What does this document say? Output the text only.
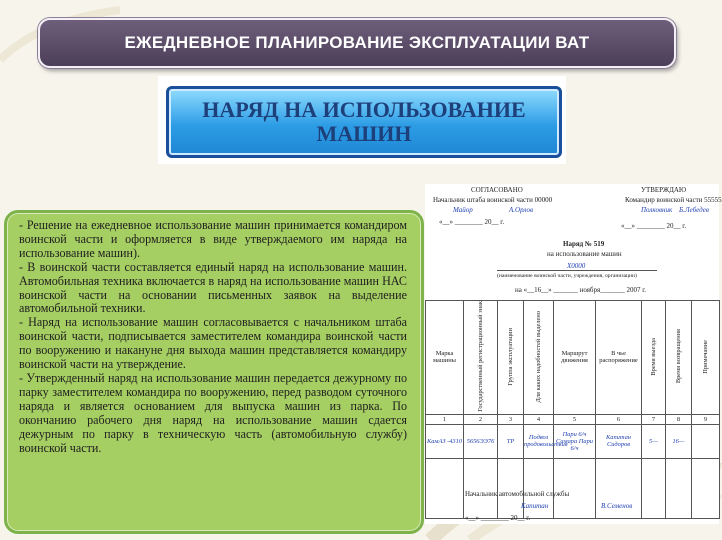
ЕЖЕДНЕВНОЕ ПЛАНИРОВАНИЕ ЭКСПЛУАТАЦИИ ВАТ
НАРЯД НА ИСПОЛЬЗОВАНИЕ
МАШИН

- Решение на ежедневное использование машин принимается командиром воинской части и оформляется в виде утверждаемого им наряда на использование машин).

- В воинской части составляется единый наряд на использование машин. Автомобильная техника включается в наряд на использование машин НАС воинской части на основании письменных заявок на выделение автомобильной техники.

- Наряд на использование машин согласовывается с начальником штаба воинской части, подписывается заместителем командира воинской части по вооружению и накануне дня выхода машин представляется командиру воинской части на утверждение.

- Утвержденный наряд на использование машин передается дежурному по парку заместителем командира по вооружению, перед разводом суточного наряда и является основанием для выпуска машин из парка. По окончанию рабочего дня наряд на использование машин сдается дежурным по парку в техническую часть (автомобильную службу) воинской части.

СОГЛАСОВАНО	УТВЕРЖДАЮ
Начальник штаба воинской части 00000	Командир воинской части 55555
Майор	А.Орлов	Полковник Б.Лебедев
«__» ________ 20__ г.	«__» ________ 20__ г.
Наряд № 519
на использование машин
Х0000
(наименование воинской части, учреждения, организации)
на «__16__» _______ ноября_______ 2007 г.
Марка машины	Государственный регистрационный знак	Группа эксплуатации	Для каких надобностей выделено	Маршрут движения	В чье распоряжение	Время выезда	Время возвращения	Примечание
1	2	3	4	5	6	7	8	9
КамАЗ -4310	5656ЭЭ76	ТР	Подвоз продовольствия	Пари 6/ч Самара Пари 6/ч	Капитан Сидоров	5—	16—	

Начальник автомобильной службы
Капитан	В.Семенов
«__» ________ 20__ г.
